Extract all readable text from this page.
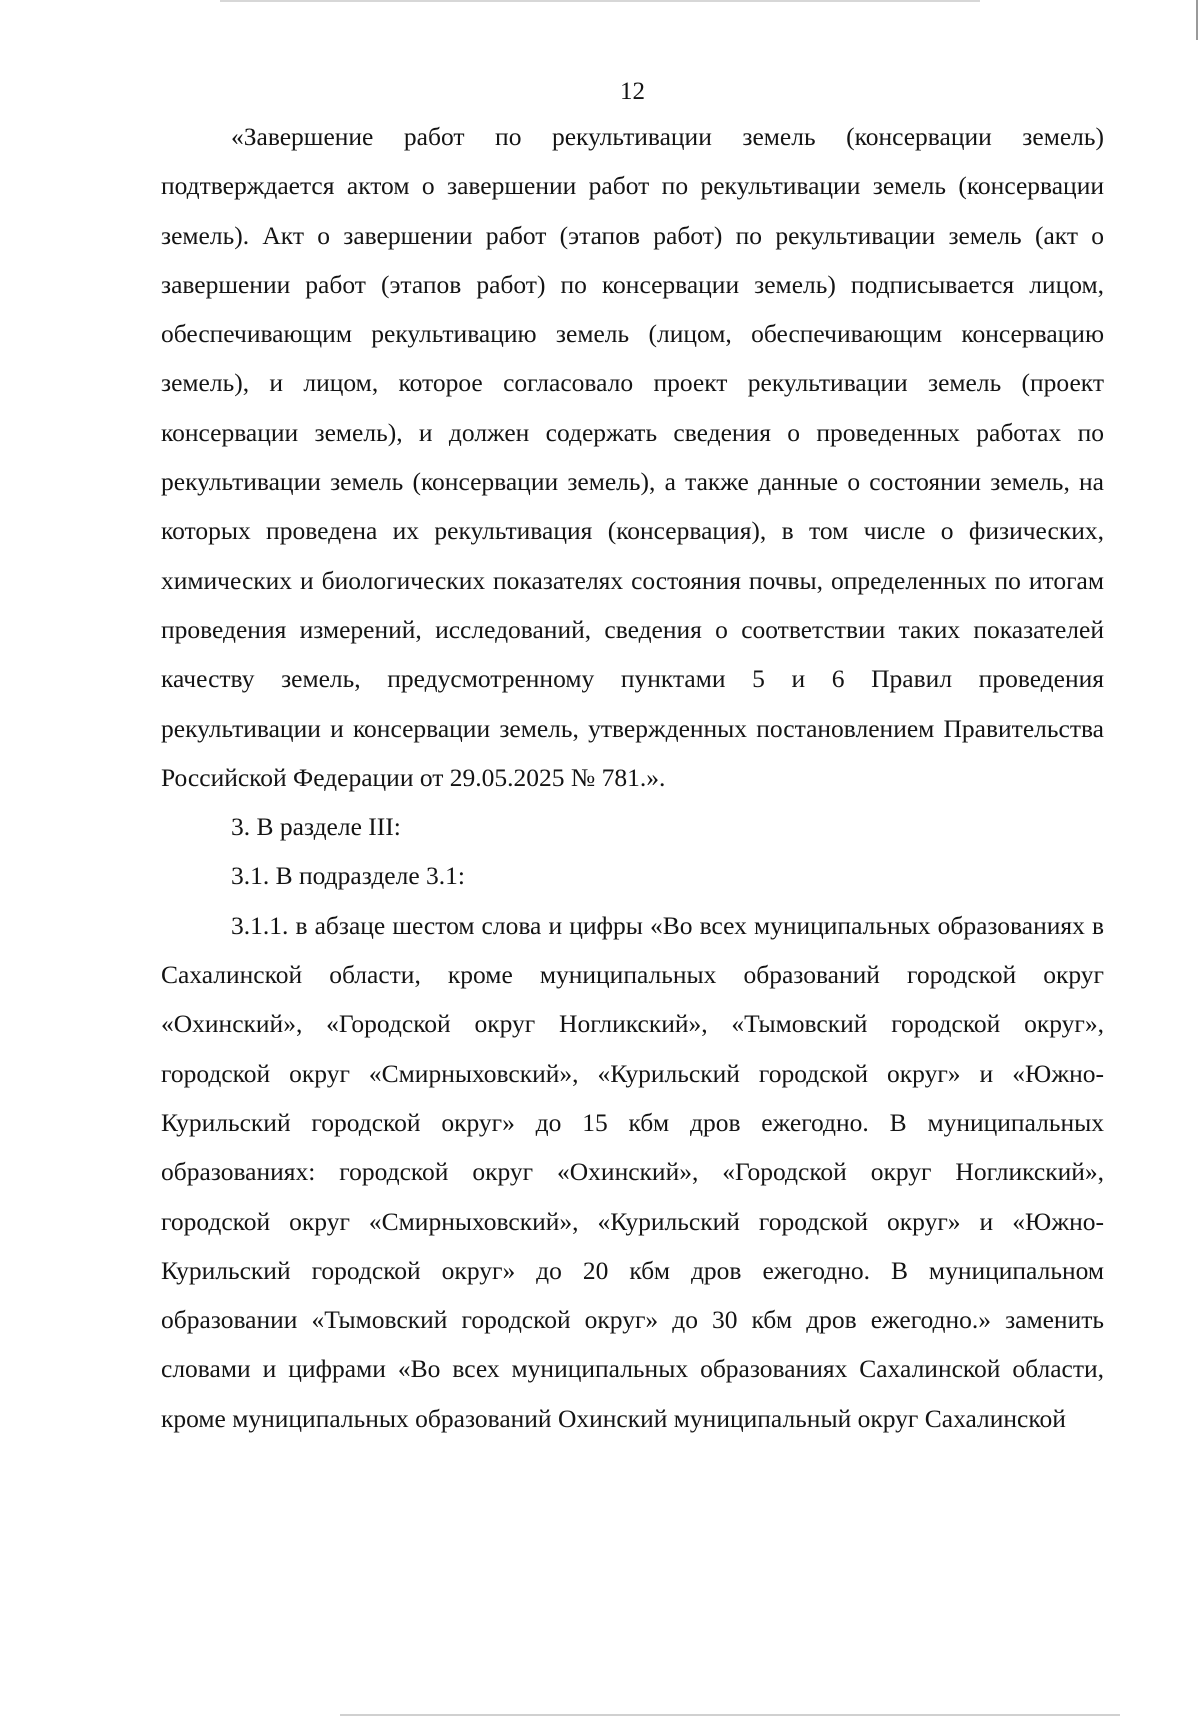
12

«Завершение работ по рекультивации земель (консервации земель) подтверждается актом о завершении работ по рекультивации земель (консервации земель). Акт о завершении работ (этапов работ) по рекультивации земель (акт о завершении работ (этапов работ) по консервации земель) подписывается лицом, обеспечивающим рекультивацию земель (лицом, обеспечивающим консервацию земель), и лицом, которое согласовало проект рекультивации земель (проект консервации земель), и должен содержать сведения о проведенных работах по рекультивации земель (консервации земель), а также данные о состоянии земель, на которых проведена их рекультивация (консервация), в том числе о физических, химических и биологических показателях состояния почвы, определенных по итогам проведения измерений, исследований, сведения о соответствии таких показателей качеству земель, предусмотренному пунктами 5 и 6 Правил проведения рекультивации и консервации земель, утвержденных постановлением Правительства Российской Федерации от 29.05.2025 № 781.».

3. В разделе III:

3.1. В подразделе 3.1:

3.1.1. в абзаце шестом слова и цифры «Во всех муниципальных образованиях в Сахалинской области, кроме муниципальных образований городской округ «Охинский», «Городской округ Ногликский», «Тымовский городской округ», городской округ «Смирныховский», «Курильский городской округ» и «Южно-Курильский городской округ» до 15 кбм дров ежегодно. В муниципальных образованиях: городской округ «Охинский», «Городской округ Ногликский», городской округ «Смирныховский», «Курильский городской округ» и «Южно-Курильский городской округ» до 20 кбм дров ежегодно. В муниципальном образовании «Тымовский городской округ» до 30 кбм дров ежегодно.» заменить словами и цифрами «Во всех муниципальных образованиях Сахалинской области, кроме муниципальных образований Охинский муниципальный округ Сахалинской
